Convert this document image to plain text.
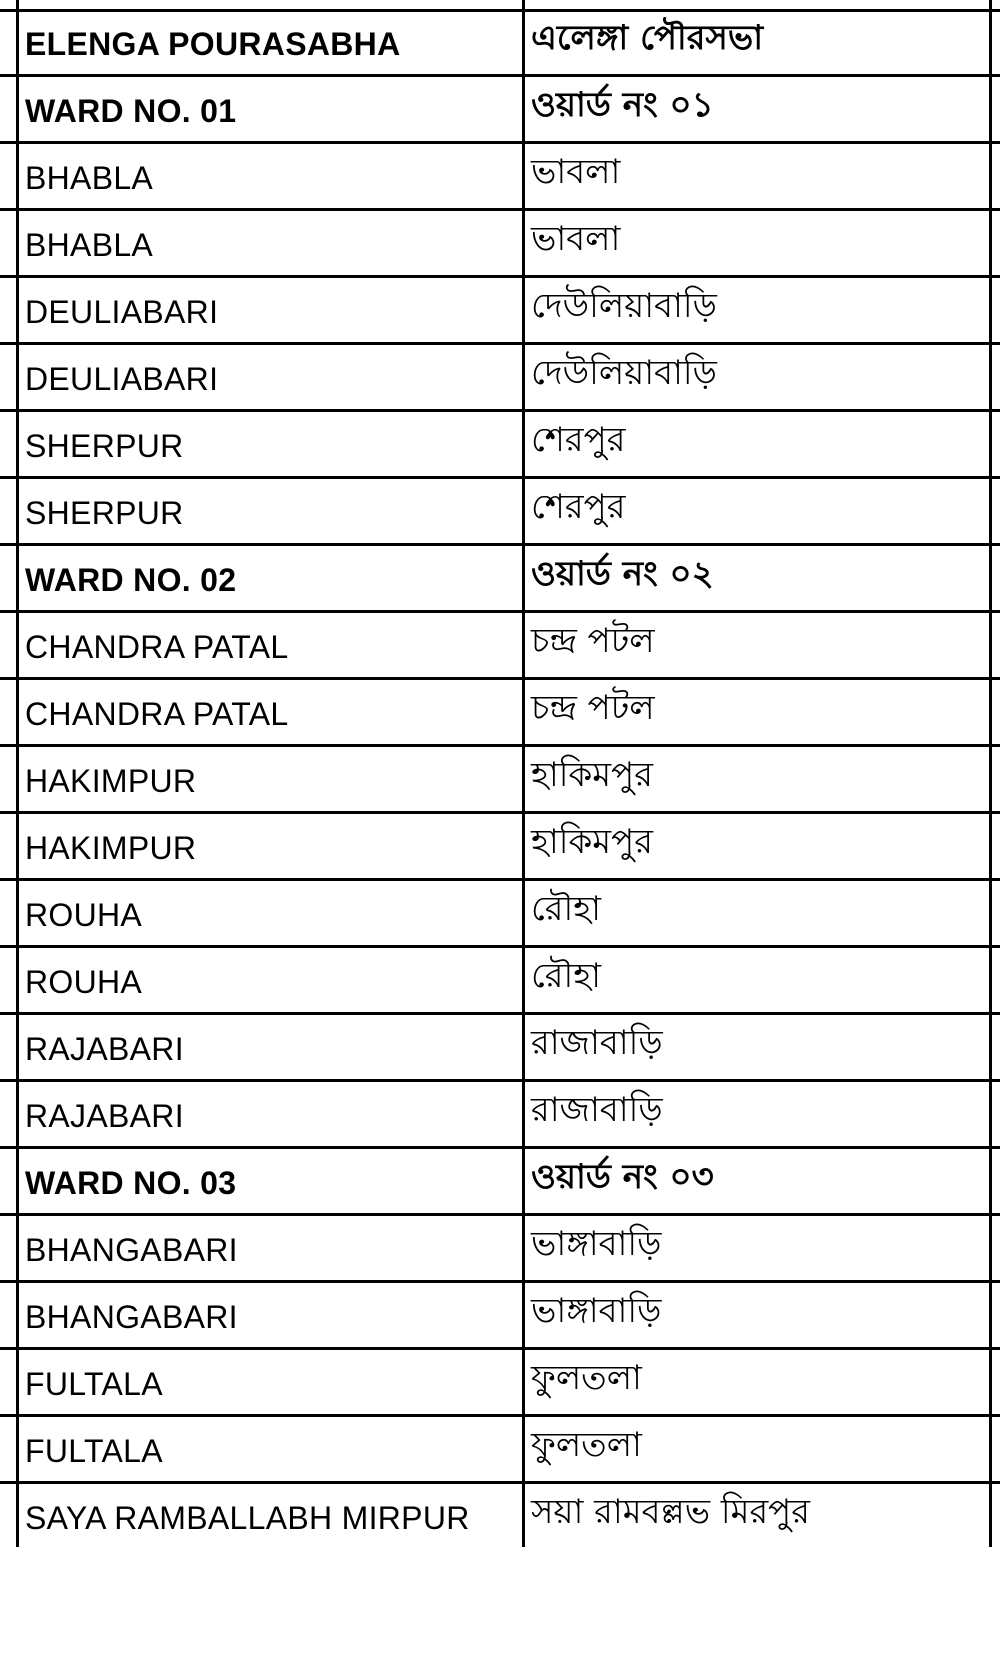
ELENGA POURASABHA	এলেঙ্গা পৌরসভা
WARD NO. 01	ওয়ার্ড নং ০১
BHABLA	ভাবলা
BHABLA	ভাবলা
DEULIABARI	দেউলিয়াবাড়ি
DEULIABARI	দেউলিয়াবাড়ি
SHERPUR	শেরপুর
SHERPUR	শেরপুর
WARD NO. 02	ওয়ার্ড নং ০২
CHANDRA PATAL	চন্দ্র পটল
CHANDRA PATAL	চন্দ্র পটল
HAKIMPUR	হাকিমপুর
HAKIMPUR	হাকিমপুর
ROUHA	রৌহা
ROUHA	রৌহা
RAJABARI	রাজাবাড়ি
RAJABARI	রাজাবাড়ি
WARD NO. 03	ওয়ার্ড নং ০৩
BHANGABARI	ভাঙ্গাবাড়ি
BHANGABARI	ভাঙ্গাবাড়ি
FULTALA	ফুলতলা
FULTALA	ফুলতলা
SAYA RAMBALLABH MIRPUR সয়া রামবল্লভ মিরপুর
